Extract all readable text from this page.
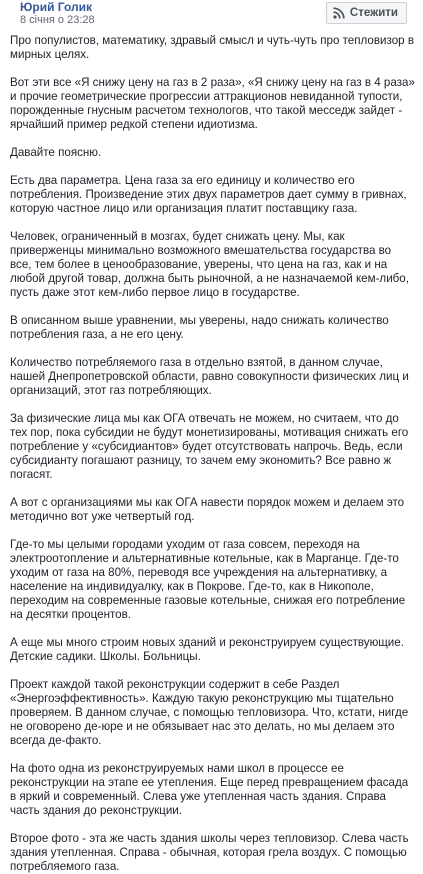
Юрий Голик
8 січня о 23:28
Стежити

Про популистов, математику, здравый смысл и чуть-чуть про тепловизор в мирных целях.

Вот эти все «Я снижу цену на газ в 2 раза», «Я снижу цену на газ в 4 раза» и прочие геометрические прогрессии аттракционов невиданной тупости, порожденные гнусным расчетом технологов, что такой месседж зайдет - ярчайший пример редкой степени идиотизма.

Давайте поясню.

Есть два параметра. Цена газа за его единицу и количество его потребления. Произведение этих двух параметров дает сумму в гривнах, которую частное лицо или организация платит поставщику газа.

Человек, ограниченный в мозгах, будет снижать цену. Мы, как приверженцы минимально возможного вмешательства государства во все, тем более в ценообразование, уверены, что цена на газ, как и на любой другой товар, должна быть рыночной, а не назначаемой кем-либо, пусть даже этот кем-либо первое лицо в государстве.

В описанном выше уравнении, мы уверены, надо снижать количество потребления газа, а не его цену.

Количество потребляемого газа в отдельно взятой, в данном случае, нашей Днепропетровской области, равно совокупности физических лиц и организаций, этот газ потребляющих.

За физические лица мы как ОГА отвечать не можем, но считаем, что до тех пор, пока субсидии не будут монетизированы, мотивация снижать его потребление у «субсидиантов» будет отсутствовать напрочь. Ведь, если субсидианту погашают разницу, то зачем ему экономить? Все равно ж погасят.

А вот с организациями мы как ОГА навести порядок можем и делаем это методично вот уже четвертый год.

Где-то мы целыми городами уходим от газа совсем, переходя на электроотопление и альтернативные котельные, как в Марганце. Где-то уходим от газа на 80%, переводя все учреждения на альтернативку, а население на индивидуалку, как в Покрове. Где-то, как в Никополе, переходим на современные газовые котельные, снижая его потребление на десятки процентов.

А еще мы много строим новых зданий и реконструируем существующие. Детские садики. Школы. Больницы.

Проект каждой такой реконструкции содержит в себе Раздел «Энергоэффективность». Каждую такую реконструкцию мы тщательно проверяем. В данном случае, с помощью тепловизора. Что, кстати, нигде не оговорено де-юре и не обязывает нас это делать, но мы делаем это всегда де-факто.

На фото одна из реконструируемых нами школ в процессе ее реконструкции на этапе ее утепления. Еще перед превращением фасада в яркий и современный. Слева уже утепленная часть здания. Справа часть здания до реконструкции.

Второе фото - эта же часть здания школы через тепловизор. Слева часть здания утепленная. Справа - обычная, которая грела воздух. С помощью потребляемого газа.
